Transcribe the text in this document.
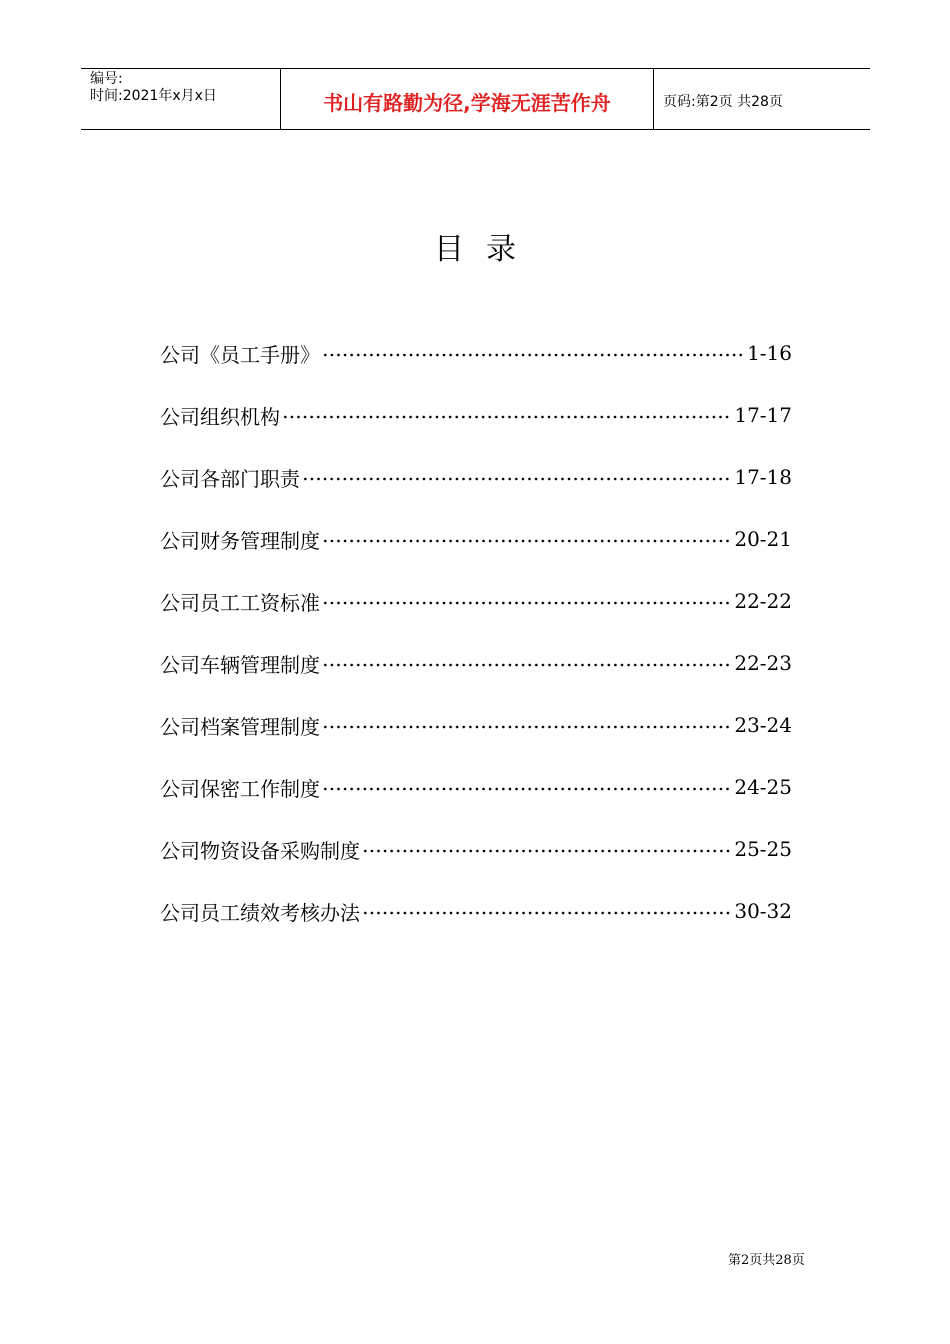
编号:
时间:2021年x月x日	书山有路勤为径,学海无涯苦作舟	页码:第2页 共28页
目录
公司《员工手册》	1-16
公司组织机构	17-17
公司各部门职责	17-18
公司财务管理制度	20-21
公司员工工资标准	22-22
公司车辆管理制度	22-23
公司档案管理制度	23-24
公司保密工作制度	24-25
公司物资设备采购制度	25-25
公司员工绩效考核办法	30-32
第2页共28页
